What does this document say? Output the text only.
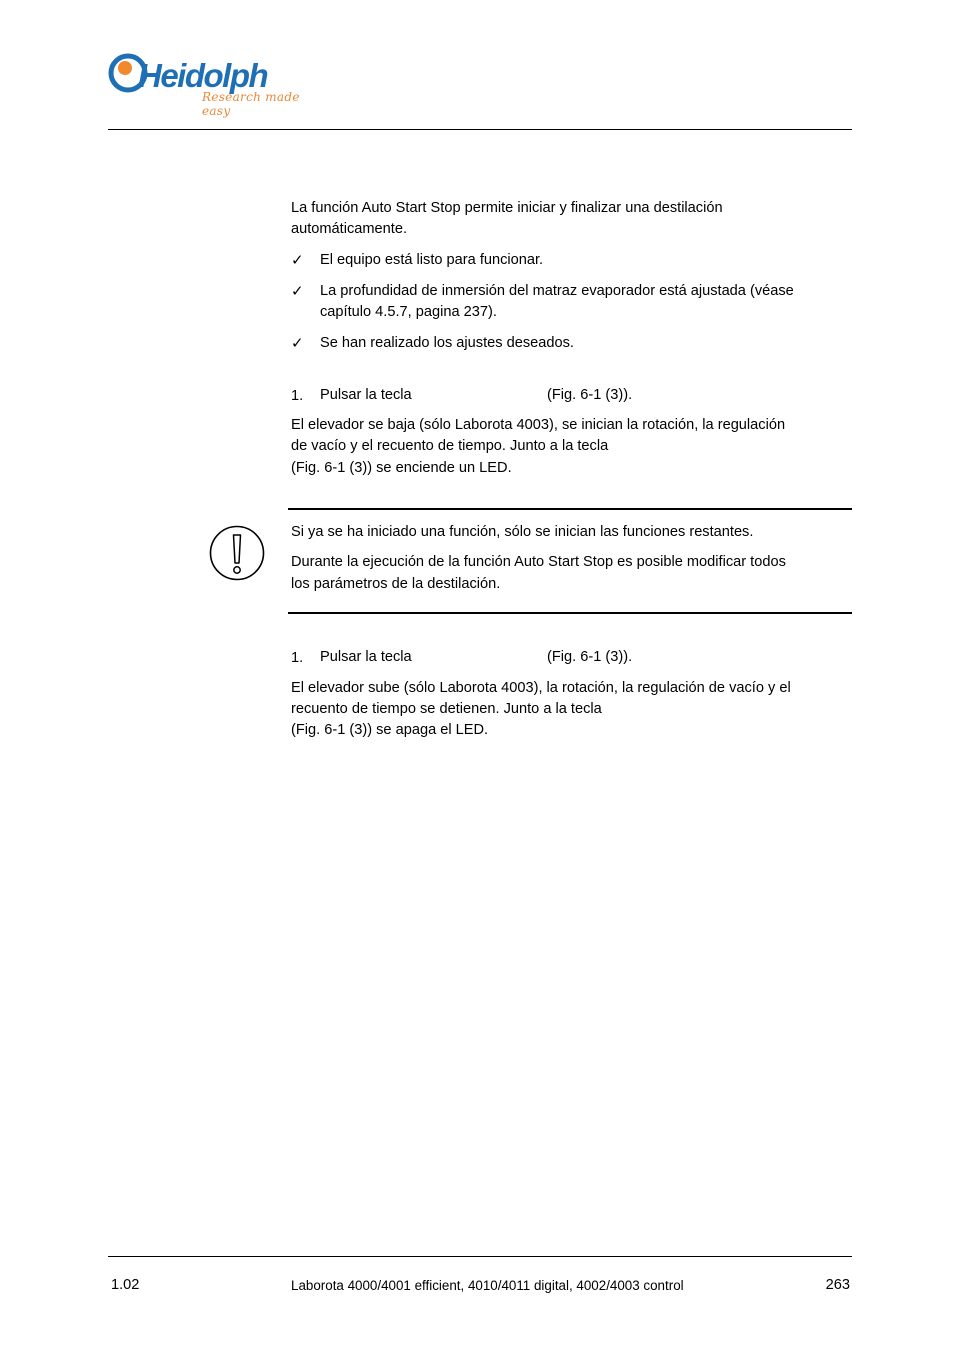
Heidolph
Research made easy
La función Auto Start Stop permite iniciar y finalizar una destilación
automáticamente.
✓ El equipo está listo para funcionar.
✓ La profundidad de inmersión del matraz evaporador está ajustada (véase
capítulo 4.5.7, pagina 237).
✓ Se han realizado los ajustes deseados.
1. Pulsar la tecla	(Fig. 6-1 (3)).
El elevador se baja (sólo Laborota 4003), se inician la rotación, la regulación
de vacío y el recuento de tiempo. Junto a la tecla
(Fig. 6-1 (3)) se enciende un LED.
Si ya se ha iniciado una función, sólo se inician las funciones restantes.
Durante la ejecución de la función Auto Start Stop es posible modificar todos
los parámetros de la destilación.
1. Pulsar la tecla	(Fig. 6-1 (3)).
El elevador sube (sólo Laborota 4003), la rotación, la regulación de vacío y el
recuento de tiempo se detienen. Junto a la tecla
(Fig. 6-1 (3)) se apaga el LED.
1.02	Laborota 4000/4001 efficient, 4010/4011 digital, 4002/4003 control	263
